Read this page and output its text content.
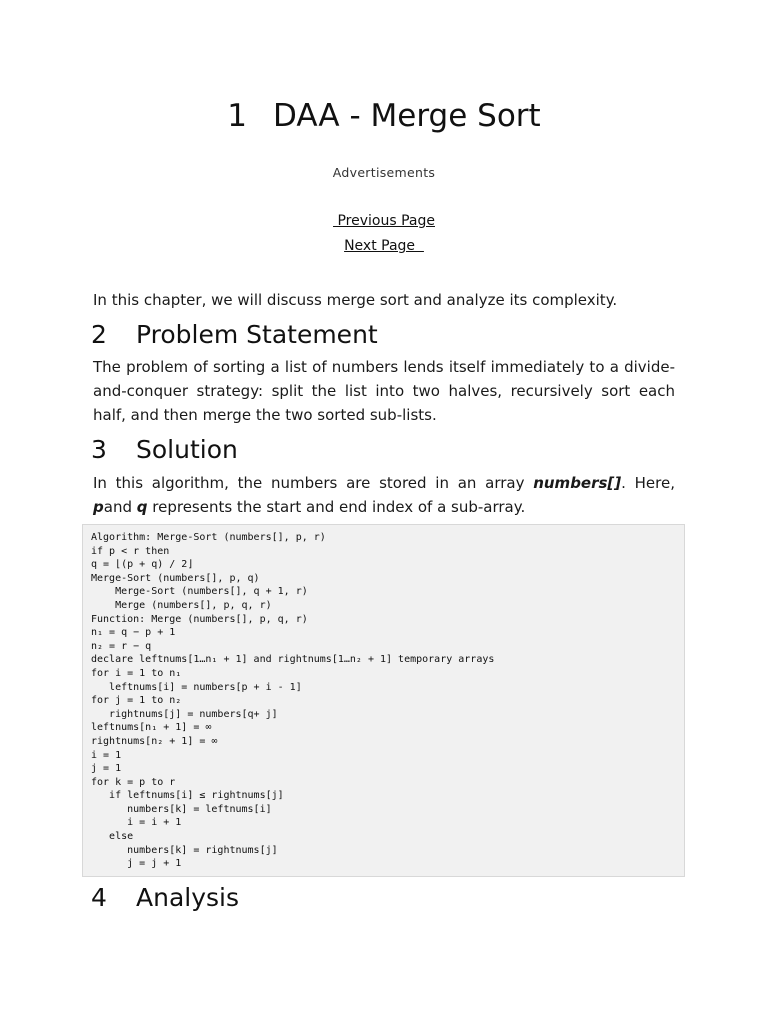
1 DAA - Merge Sort
Advertisements
Previous Page
Next Page
In this chapter, we will discuss merge sort and analyze its complexity.
2 Problem Statement
The problem of sorting a list of numbers lends itself immediately to a divide-and-conquer strategy: split the list into two halves, recursively sort each half, and then merge the two sorted sub-lists.
3 Solution
In this algorithm, the numbers are stored in an array numbers[]. Here, pand q represents the start and end index of a sub-array.
Algorithm: Merge-Sort (numbers[], p, r)
if p < r then
q = ⌊(p + q) / 2⌋
Merge-Sort (numbers[], p, q)
Merge-Sort (numbers[], q + 1, r)
Merge (numbers[], p, q, r)
Function: Merge (numbers[], p, q, r)
n₁ = q − p + 1
n₂ = r − q
declare leftnums[1…n₁ + 1] and rightnums[1…n₂ + 1] temporary arrays
for i = 1 to n₁
leftnums[i] = numbers[p + i - 1]
for j = 1 to n₂
rightnums[j] = numbers[q+ j]
leftnums[n₁ + 1] = ∞
rightnums[n₂ + 1] = ∞
i = 1
j = 1
for k = p to r
if leftnums[i] ≤ rightnums[j]
numbers[k] = leftnums[i]
i = i + 1
else
numbers[k] = rightnums[j]
j = j + 1
4 Analysis
